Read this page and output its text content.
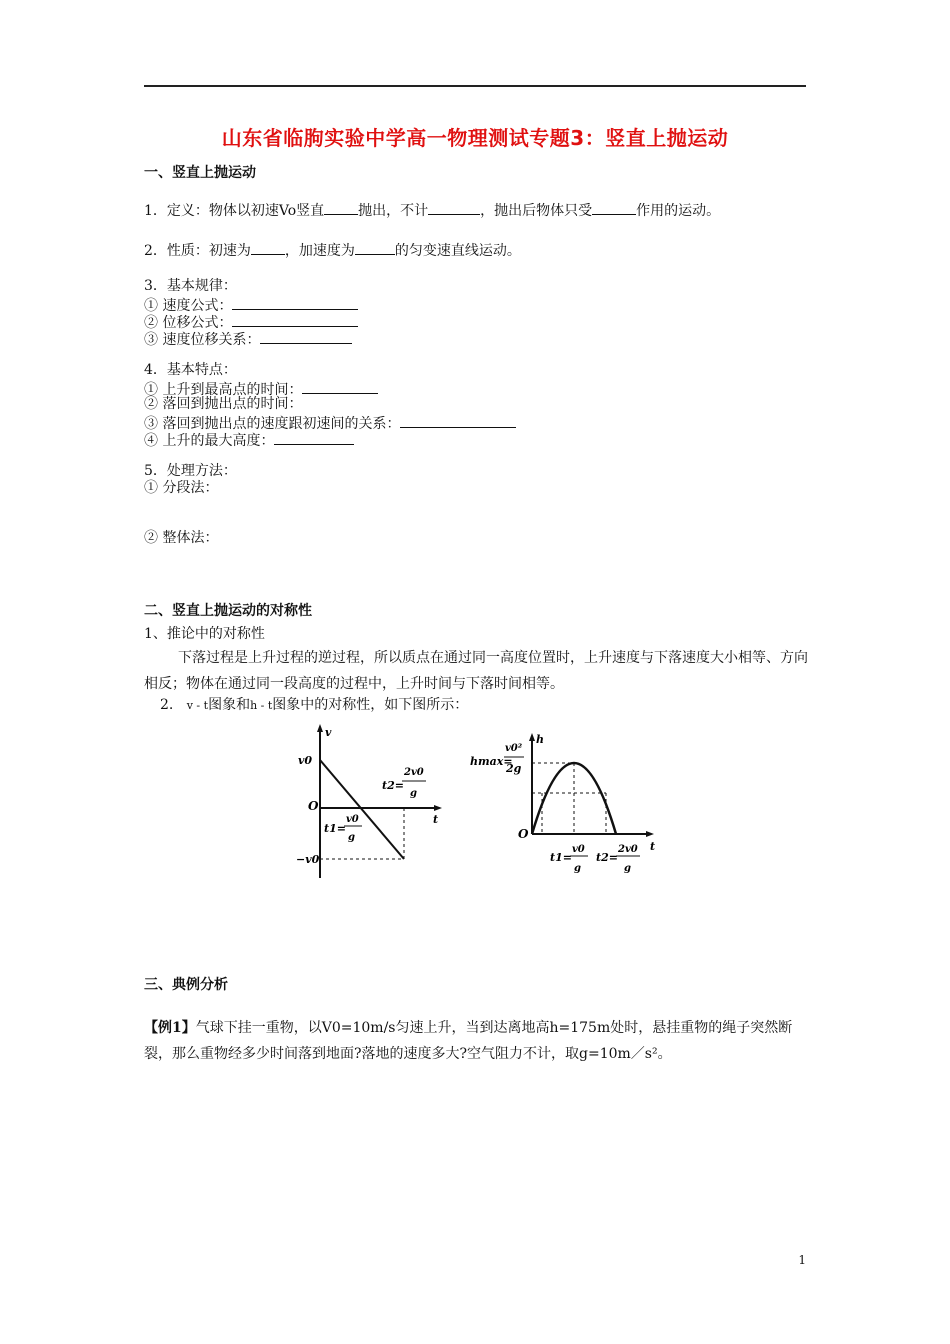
山东省临朐实验中学高一物理测试专题3：竖直上抛运动
一、竖直上抛运动
1．定义：物体以初速Vo竖直 抛出，不计	，抛出后物体只受	作用的运动。
2．性质：初速为 ，加速度为	的匀变速直线运动。
3．基本规律：
① 速度公式：
② 位移公式：
③ 速度位移关系：
4．基本特点：
① 上升到最高点的时间：
② 落回到抛出点的时间：
③ 落回到抛出点的速度跟初速间的关系：
④ 上升的最大高度：
5．处理方法：
① 分段法：
② 整体法：
二、竖直上抛运动的对称性
1、推论中的对称性
下落过程是上升过程的逆过程，所以质点在通过同一高度位置时，上升速度与下落速度大小相等、方向相反；物体在通过同一段高度的过程中，上升时间与下落时间相等。
2. v - t图象和h - t图象中的对称性，如下图所示：
v
v0
O
t
−v0
t1=
v0
g
t2=
2v0
g
h
hmax=
v0²
2g
O
t
t1=
v0
g
t2=
2v0
g
三、典例分析
【例1】气球下挂一重物，以V0=10m/s匀速上升，当到达离地高h=175m处时，悬挂重物的绳子突然断裂，那么重物经多少时间落到地面?落地的速度多大?空气阻力不计，取g=10m／s²。
1
